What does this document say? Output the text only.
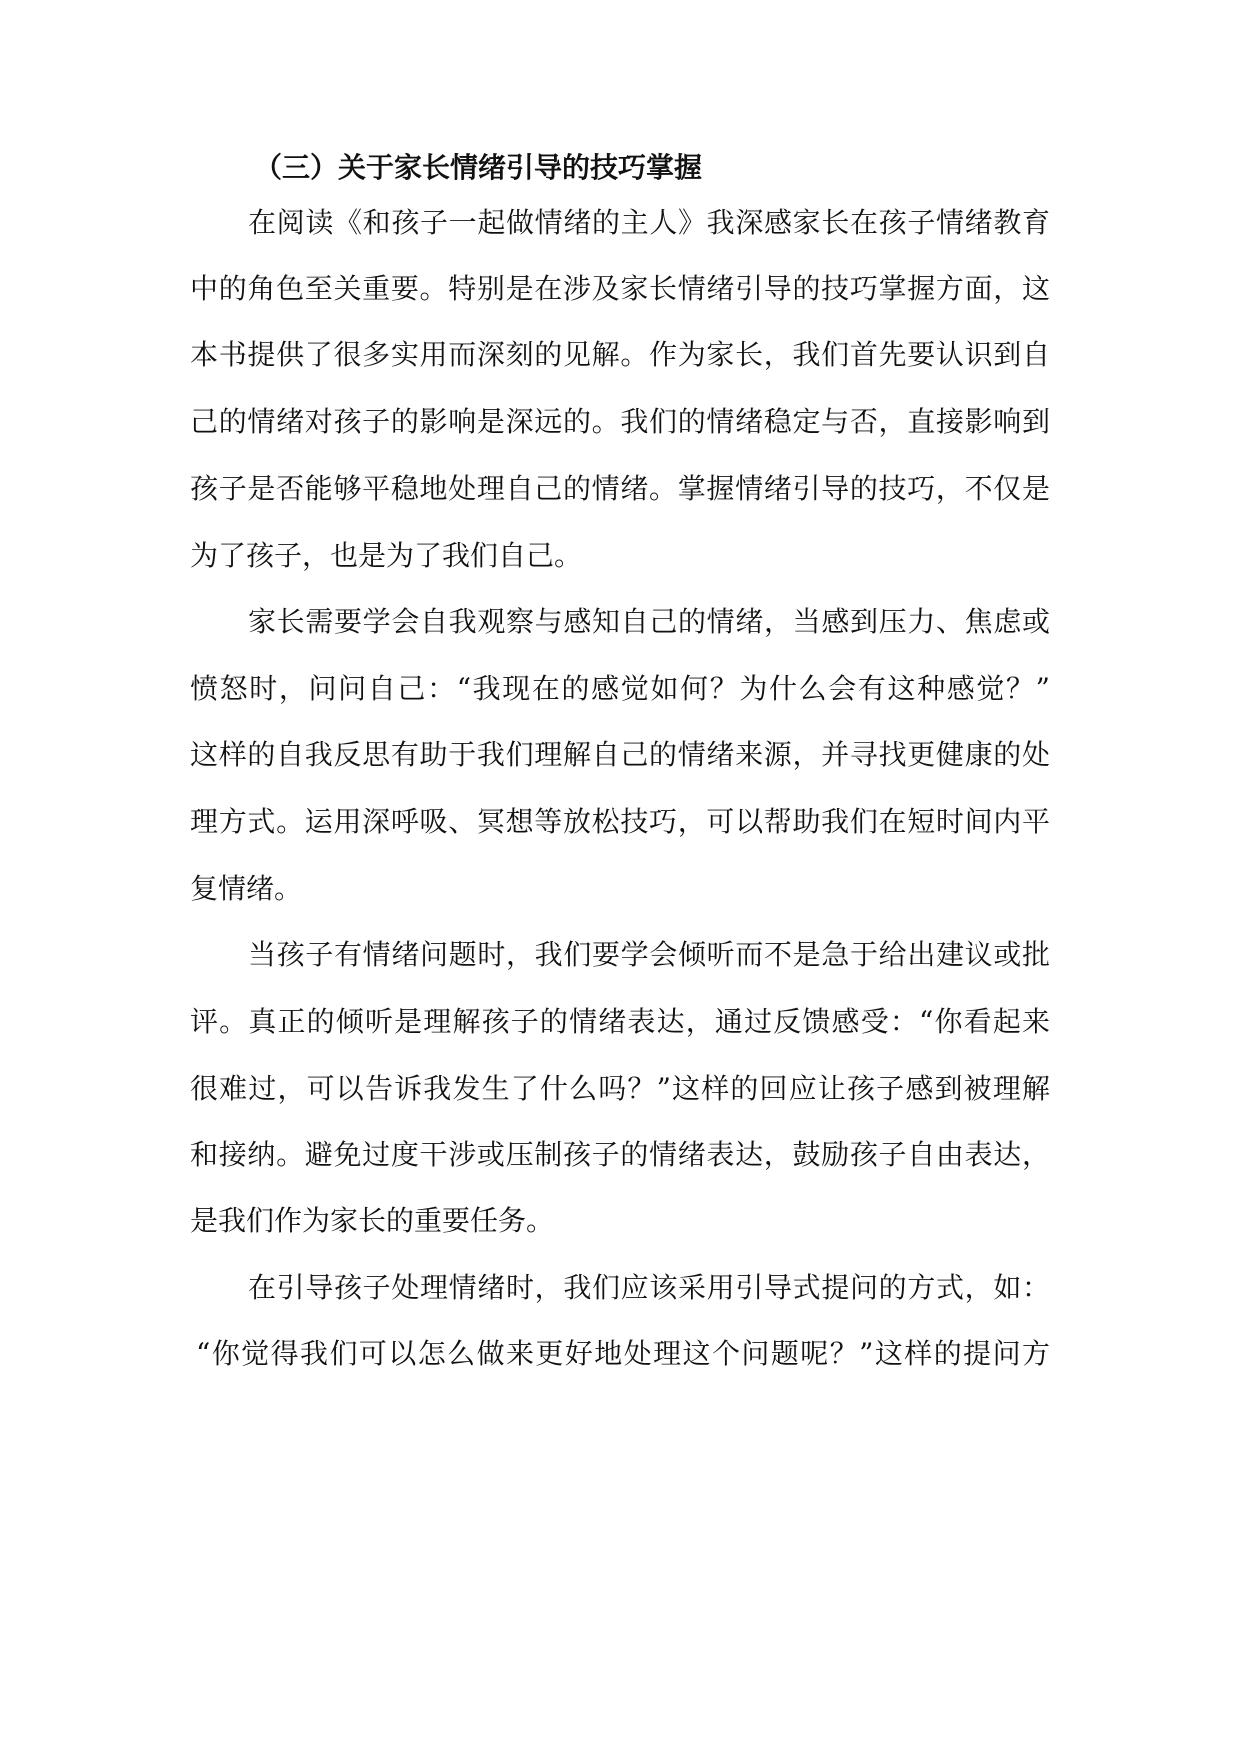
（三）关于家长情绪引导的技巧掌握

在阅读《和孩子一起做情绪的主人》我深感家长在孩子情绪教育

中的角色至关重要。特别是在涉及家长情绪引导的技巧掌握方面，这

本书提供了很多实用而深刻的见解。作为家长，我们首先要认识到自

己的情绪对孩子的影响是深远的。我们的情绪稳定与否，直接影响到

孩子是否能够平稳地处理自己的情绪。掌握情绪引导的技巧，不仅是

为了孩子，也是为了我们自己。

家长需要学会自我观察与感知自己的情绪，当感到压力、焦虑或

愤怒时，问问自己：“我现在的感觉如何？为什么会有这种感觉？”

这样的自我反思有助于我们理解自己的情绪来源，并寻找更健康的处

理方式。运用深呼吸、冥想等放松技巧，可以帮助我们在短时间内平

复情绪。

当孩子有情绪问题时，我们要学会倾听而不是急于给出建议或批

评。真正的倾听是理解孩子的情绪表达，通过反馈感受：“你看起来

很难过，可以告诉我发生了什么吗？”这样的回应让孩子感到被理解

和接纳。避免过度干涉或压制孩子的情绪表达，鼓励孩子自由表达，

是我们作为家长的重要任务。

在引导孩子处理情绪时，我们应该采用引导式提问的方式，如：

“你觉得我们可以怎么做来更好地处理这个问题呢？”这样的提问方
